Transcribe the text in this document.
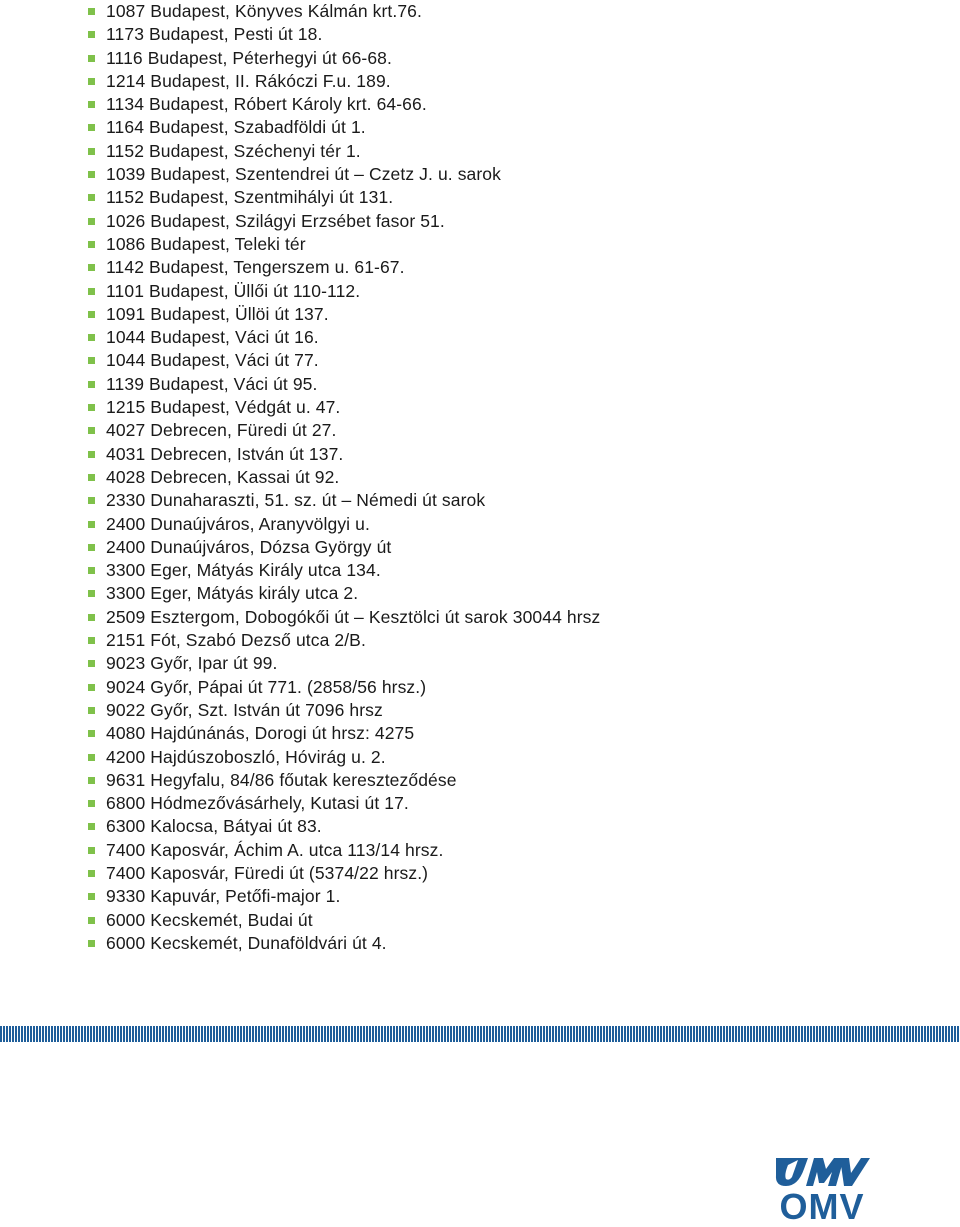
1087 Budapest, Könyves Kálmán krt.76.
1173 Budapest, Pesti út 18.
1116 Budapest, Péterhegyi út 66-68.
1214 Budapest, II. Rákóczi F.u. 189.
1134 Budapest, Róbert Károly krt. 64-66.
1164 Budapest, Szabadföldi út 1.
1152 Budapest, Széchenyi tér 1.
1039 Budapest, Szentendrei út – Czetz J. u. sarok
1152 Budapest, Szentmihályi út 131.
1026 Budapest, Szilágyi Erzsébet fasor 51.
1086 Budapest, Teleki tér
1142 Budapest, Tengerszem u. 61-67.
1101 Budapest, Üllői út 110-112.
1091 Budapest, Üllöi út 137.
1044 Budapest, Váci út 16.
1044 Budapest, Váci út 77.
1139 Budapest, Váci út 95.
1215 Budapest, Védgát u. 47.
4027 Debrecen, Füredi út 27.
4031 Debrecen, István út 137.
4028 Debrecen, Kassai út 92.
2330 Dunaharaszti, 51. sz. út – Némedi út sarok
2400 Dunaújváros, Aranyvölgyi u.
2400 Dunaújváros, Dózsa György út
3300 Eger, Mátyás Király utca 134.
3300 Eger, Mátyás király utca 2.
2509 Esztergom, Dobogókői út – Kesztölci út sarok 30044 hrsz
2151 Fót, Szabó Dezső utca 2/B.
9023 Győr, Ipar út 99.
9024 Győr, Pápai út 771. (2858/56 hrsz.)
9022 Győr, Szt. István út 7096 hrsz
4080 Hajdúnánás, Dorogi út hrsz: 4275
4200 Hajdúszoboszló, Hóvirág u. 2.
9631 Hegyfalu, 84/86 főutak kereszteződése
6800 Hódmezővásárhely, Kutasi út 17.
6300 Kalocsa, Bátyai út 83.
7400 Kaposvár, Áchim A. utca 113/14 hrsz.
7400 Kaposvár, Füredi út (5374/22 hrsz.)
9330 Kapuvár, Petőfi-major 1.
6000 Kecskemét, Budai út
6000 Kecskemét, Dunaföldvári út 4.
OMV
